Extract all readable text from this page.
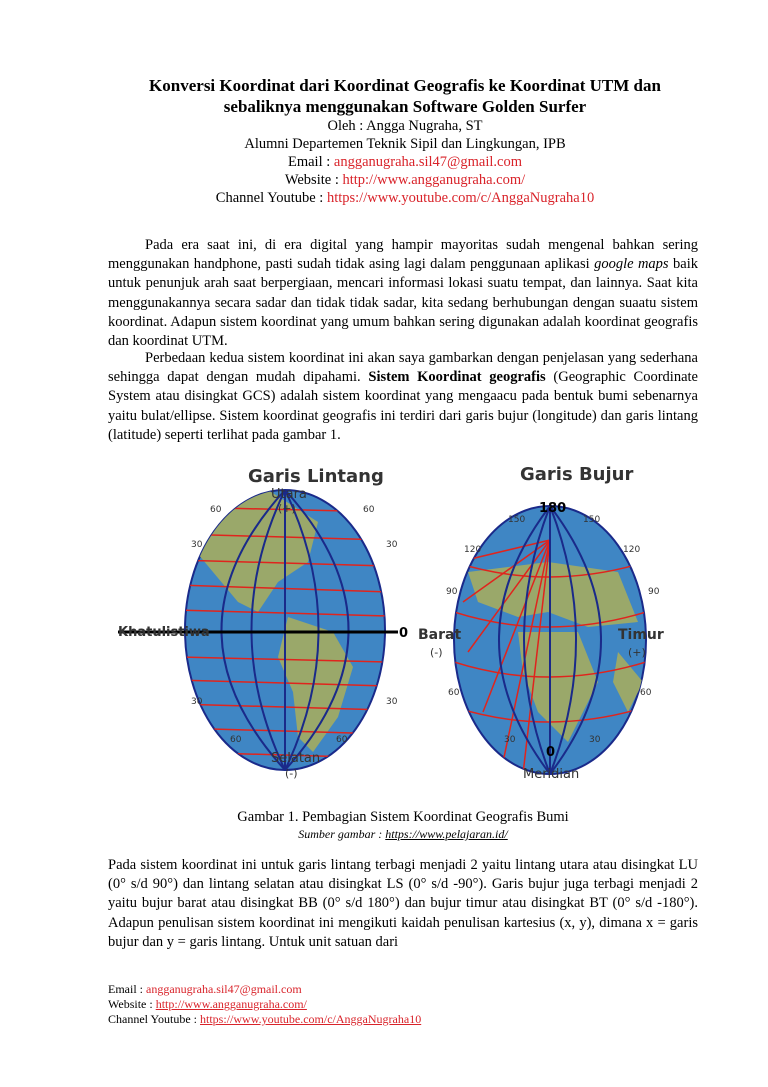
Konversi Koordinat dari Koordinat Geografis ke Koordinat UTM dan
sebaliknya menggunakan Software Golden Surfer
Oleh : Angga Nugraha, ST
Alumni Departemen Teknik Sipil dan Lingkungan, IPB
Email : angganugraha.sil47@gmail.com
Website : http://www.angganugraha.com/
Channel Youtube : https://www.youtube.com/c/AnggaNugraha10

Pada era saat ini, di era digital yang hampir mayoritas sudah mengenal bahkan sering menggunakan handphone, pasti sudah tidak asing lagi dalam penggunaan aplikasi google maps baik untuk penunjuk arah saat berpergiaan, mencari informasi lokasi suatu tempat, dan lainnya. Saat kita menggunakannya secara sadar dan tidak tidak sadar, kita sedang berhubungan dengan suaatu sistem koordinat. Adapun sistem koordinat yang umum bahkan sering digunakan adalah koordinat geografis dan koordinat UTM.

Perbedaan kedua sistem koordinat ini akan saya gambarkan dengan penjelasan yang sederhana sehingga dapat dengan mudah dipahami. Sistem Koordinat geografis (Geographic Coordinate System atau disingkat GCS) adalah sistem koordinat yang mengaacu pada bentuk bumi sebenarnya yaitu bulat/ellipse. Sistem koordinat geografis ini terdiri dari garis bujur (longitude) dan garis lintang (latitude) seperti terlihat pada gambar 1.

Garis Lintang
Utara
(+)
Khatulistiwa	0
30	30
60	60
30	30
60	60
Selatan
(-)
Garis Bujur
180
150	150
120	120
90	90
Barat
(-)
Timur
(+)
60	60
30	30
0
Meridian
Gambar 1. Pembagian Sistem Koordinat Geografis Bumi
Sumber gambar : https://www.pelajaran.id/

Pada sistem koordinat ini untuk garis lintang terbagi menjadi 2 yaitu lintang utara atau disingkat LU (0° s/d 90°) dan lintang selatan atau disingkat LS (0° s/d -90°). Garis bujur juga terbagi menjadi 2 yaitu bujur barat atau disingkat BB (0° s/d 180°) dan bujur timur atau disingkat BT (0° s/d -180°). Adapun penulisan sistem koordinat ini mengikuti kaidah penulisan kartesius (x, y), dimana x = garis bujur dan y = garis lintang. Untuk unit satuan dari

Email : angganugraha.sil47@gmail.com
Website : http://www.angganugraha.com/
Channel Youtube : https://www.youtube.com/c/AnggaNugraha10
